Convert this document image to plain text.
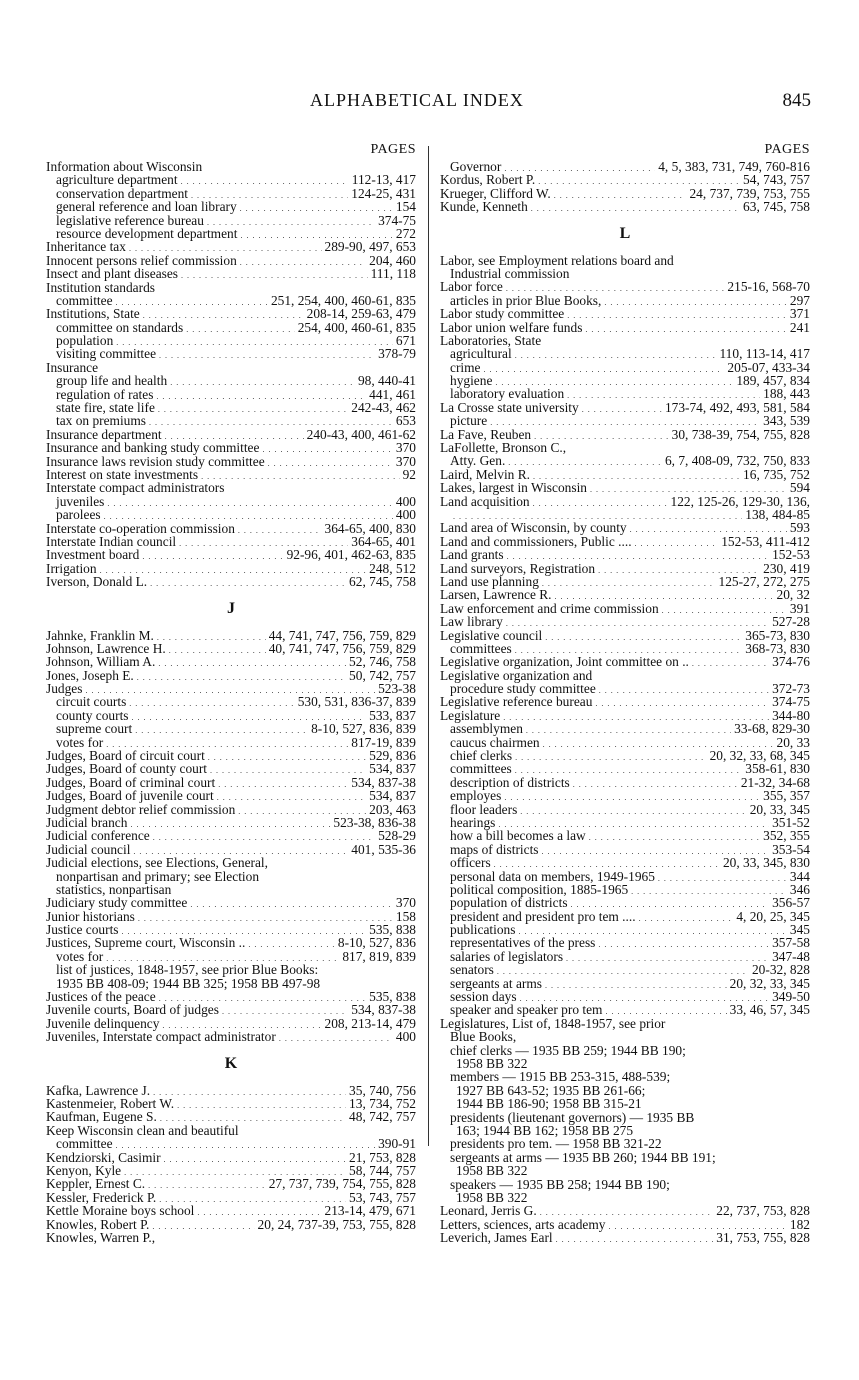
ALPHABETICAL INDEX	845
PAGES
Information about Wisconsin
agriculture department . . .	112-13, 417
conservation department . . .	124-25, 431
general reference and loan library . . .	154
legislative reference bureau . . .	374-75
resource development department . . .	272
Inheritance tax . . .	289-90, 497, 653
Innocent persons relief commission . . .	204, 460
Insect and plant diseases . . .	111, 118
Institution standards
committee . . .	251, 254, 400, 460-61, 835
Institutions, State . . .	208-14, 259-63, 479
committee on standards . . .	254, 400, 460-61, 835
population . . .	671
visiting committee . . .	378-79
Insurance
group life and health . . .	98, 440-41
regulation of rates . . .	441, 461
state fire, state life . . .	242-43, 462
tax on premiums . . .	653
Insurance department . . .	240-43, 400, 461-62
Insurance and banking study committee . . .	370
Insurance laws revision study committee . . .	370
Interest on state investments . . .	92
Interstate compact administrators
juveniles . . .	400
parolees . . .	400
Interstate co-operation commission . . .	364-65, 400, 830
Interstate Indian council . . .	364-65, 401
Investment board . . .	92-96, 401, 462-63, 835
Irrigation . . .	248, 512
Iverson, Donald L. . . .	62, 745, 758
J
Jahnke, Franklin M. . . .	44, 741, 747, 756, 759, 829
Johnson, Lawrence H. . . .	40, 741, 747, 756, 759, 829
Johnson, William A. . . .	52, 746, 758
Jones, Joseph E. . . .	50, 742, 757
Judges . . .	523-38
circuit courts . . .	530, 531, 836-37, 839
county courts . . .	533, 837
supreme court . . .	8-10, 527, 836, 839
votes for . . .	817-19, 839
Judges, Board of circuit court . . .	529, 836
Judges, Board of county court . . .	534, 837
Judges, Board of criminal court . . .	534, 837-38
Judges, Board of juvenile court . . .	534, 837
Judgment debtor relief commission . . .	203, 463
Judicial branch . . .	523-38, 836-38
Judicial conference . . .	528-29
Judicial council . . .	401, 535-36
Judicial elections, see Elections, General,
nonpartisan and primary; see Election
statistics, nonpartisan
Judiciary study committee . . .	370
Junior historians . . .	158
Justice courts . . .	535, 838
Justices, Supreme court, Wisconsin .. . . .	8-10, 527, 836
votes for . . .	817, 819, 839
list of justices, 1848-1957, see prior Blue Books:
1935 BB 408-09; 1944 BB 325; 1958 BB 497-98
Justices of the peace . . .	535, 838
Juvenile courts, Board of judges . . .	534, 837-38
Juvenile delinquency . . .	208, 213-14, 479
Juveniles, Interstate compact administrator . . .	400
K
Kafka, Lawrence J. . . .	35, 740, 756
Kastenmeier, Robert W. . . .	13, 734, 752
Kaufman, Eugene S. . . .	48, 742, 757
Keep Wisconsin clean and beautiful
committee . . .	390-91
Kendziorski, Casimir . . .	21, 753, 828
Kenyon, Kyle . . .	58, 744, 757
Keppler, Ernest C. . . .	27, 737, 739, 754, 755, 828
Kessler, Frederick P. . . .	53, 743, 757
Kettle Moraine boys school . . .	213-14, 479, 671
Knowles, Robert P. . . .	20, 24, 737-39, 753, 755, 828
Knowles, Warren P.,
PAGES
Governor . . .	4, 5, 383, 731, 749, 760-816
Kordus, Robert P. . . .	54, 743, 757
Krueger, Clifford W. . . .	24, 737, 739, 753, 755
Kunde, Kenneth . . .	63, 745, 758
L
Labor, see Employment relations board and
Industrial commission
Labor force . . .	215-16, 568-70
articles in prior Blue Books, . . .	297
Labor study committee . . .	371
Labor union welfare funds . . .	241
Laboratories, State
agricultural . . .	110, 113-14, 417
crime . . .	205-07, 433-34
hygiene . . .	189, 457, 834
laboratory evaluation . . .	188, 443
La Crosse state university . . .	173-74, 492, 493, 581, 584
picture . . .	343, 539
La Fave, Reuben . . .	30, 738-39, 754, 755, 828
LaFollette, Bronson C.,
Atty. Gen. . . .	6, 7, 408-09, 732, 750, 833
Laird, Melvin R. . . .	16, 735, 752
Lakes, largest in Wisconsin . . .	594
Land acquisition . . .	122, 125-26, 129-30, 136,
. . .
138, 484-85
Land area of Wisconsin, by county . . .	593
Land and commissioners, Public .... . . .	152-53, 411-412
Land grants . . .	152-53
Land surveyors, Registration . . .	230, 419
Land use planning . . .	125-27, 272, 275
Larsen, Lawrence R. . . .	20, 32
Law enforcement and crime commission . . .	391
Law library . . .	527-28
Legislative council . . .	365-73, 830
committees . . .	368-73, 830
Legislative organization, Joint committee on .. . . .	374-76
Legislative organization and
procedure study committee . . .	372-73
Legislative reference bureau . . .	374-75
Legislature . . .	344-80
assemblymen . . .	33-68, 829-30
caucus chairmen . . .	20, 33
chief clerks . . .	20, 32, 33, 68, 345
committees . . .	358-61, 830
description of districts . . .	21-32, 34-68
employes . . .	355, 357
floor leaders . . .	20, 33, 345
hearings . . .	351-52
how a bill becomes a law . . .	352, 355
maps of districts . . .	353-54
officers . . .	20, 33, 345, 830
personal data on members, 1949-1965 . . .	344
political composition, 1885-1965 . . .	346
population of districts . . .	356-57
president and president pro tem .... . . .	4, 20, 25, 345
publications . . .	345
representatives of the press . . .	357-58
salaries of legislators . . .	347-48
senators . . .	20-32, 828
sergeants at arms . . .	20, 32, 33, 345
session days . . .	349-50
speaker and speaker pro tem . . .	33, 46, 57, 345
Legislatures, List of, 1848-1957, see prior
Blue Books,
chief clerks — 1935 BB 259; 1944 BB 190;
1958 BB 322
members — 1915 BB 253-315, 488-539;
1927 BB 643-52; 1935 BB 261-66;
1944 BB 186-90; 1958 BB 315-21
presidents (lieutenant governors) — 1935 BB
163; 1944 BB 162; 1958 BB 275
presidents pro tem. — 1958 BB 321-22
sergeants at arms — 1935 BB 260; 1944 BB 191;
1958 BB 322
speakers — 1935 BB 258; 1944 BB 190;
1958 BB 322
Leonard, Jerris G. . . .	22, 737, 753, 828
Letters, sciences, arts academy . . .	182
Leverich, James Earl . . .	31, 753, 755, 828
